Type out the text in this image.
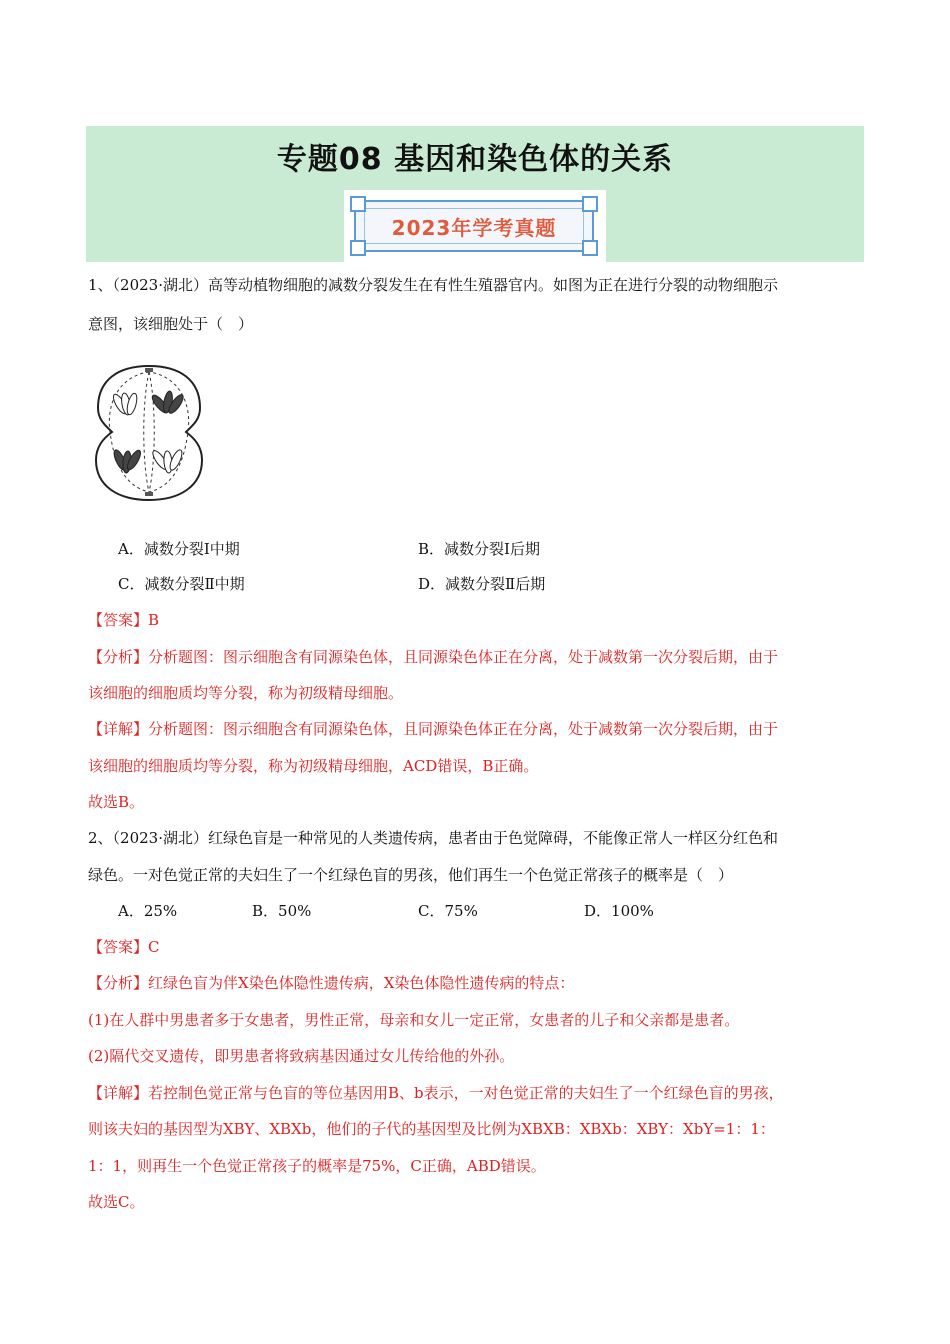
专题08 基因和染色体的关系
2023年学考真题
1、（2023·湖北）高等动植物细胞的减数分裂发生在有性生殖器官内。如图为正在进行分裂的动物细胞示
意图，该细胞处于（　）
A．减数分裂Ⅰ中期	B．减数分裂Ⅰ后期
C．减数分裂Ⅱ中期	D．减数分裂Ⅱ后期
【答案】B
【分析】分析题图：图示细胞含有同源染色体，且同源染色体正在分离，处于减数第一次分裂后期，由于
该细胞的细胞质均等分裂，称为初级精母细胞。
【详解】分析题图：图示细胞含有同源染色体，且同源染色体正在分离，处于减数第一次分裂后期，由于
该细胞的细胞质均等分裂，称为初级精母细胞，ACD错误，B正确。
故选B。
2、（2023·湖北）红绿色盲是一种常见的人类遗传病，患者由于色觉障碍，不能像正常人一样区分红色和
绿色。一对色觉正常的夫妇生了一个红绿色盲的男孩，他们再生一个色觉正常孩子的概率是（　）
A．25%	B．50%	C．75%	D．100%
【答案】C
【分析】红绿色盲为伴X染色体隐性遗传病，X染色体隐性遗传病的特点：
(1)在人群中男患者多于女患者，男性正常，母亲和女儿一定正常，女患者的儿子和父亲都是患者。
(2)隔代交叉遗传，即男患者将致病基因通过女儿传给他的外孙。
【详解】若控制色觉正常与色盲的等位基因用B、b表示，一对色觉正常的夫妇生了一个红绿色盲的男孩，
则该夫妇的基因型为XBY、XBXb，他们的子代的基因型及比例为XBXB：XBXb：XBY：XbY=1：1：
1：1，则再生一个色觉正常孩子的概率是75%，C正确，ABD错误。
故选C。
